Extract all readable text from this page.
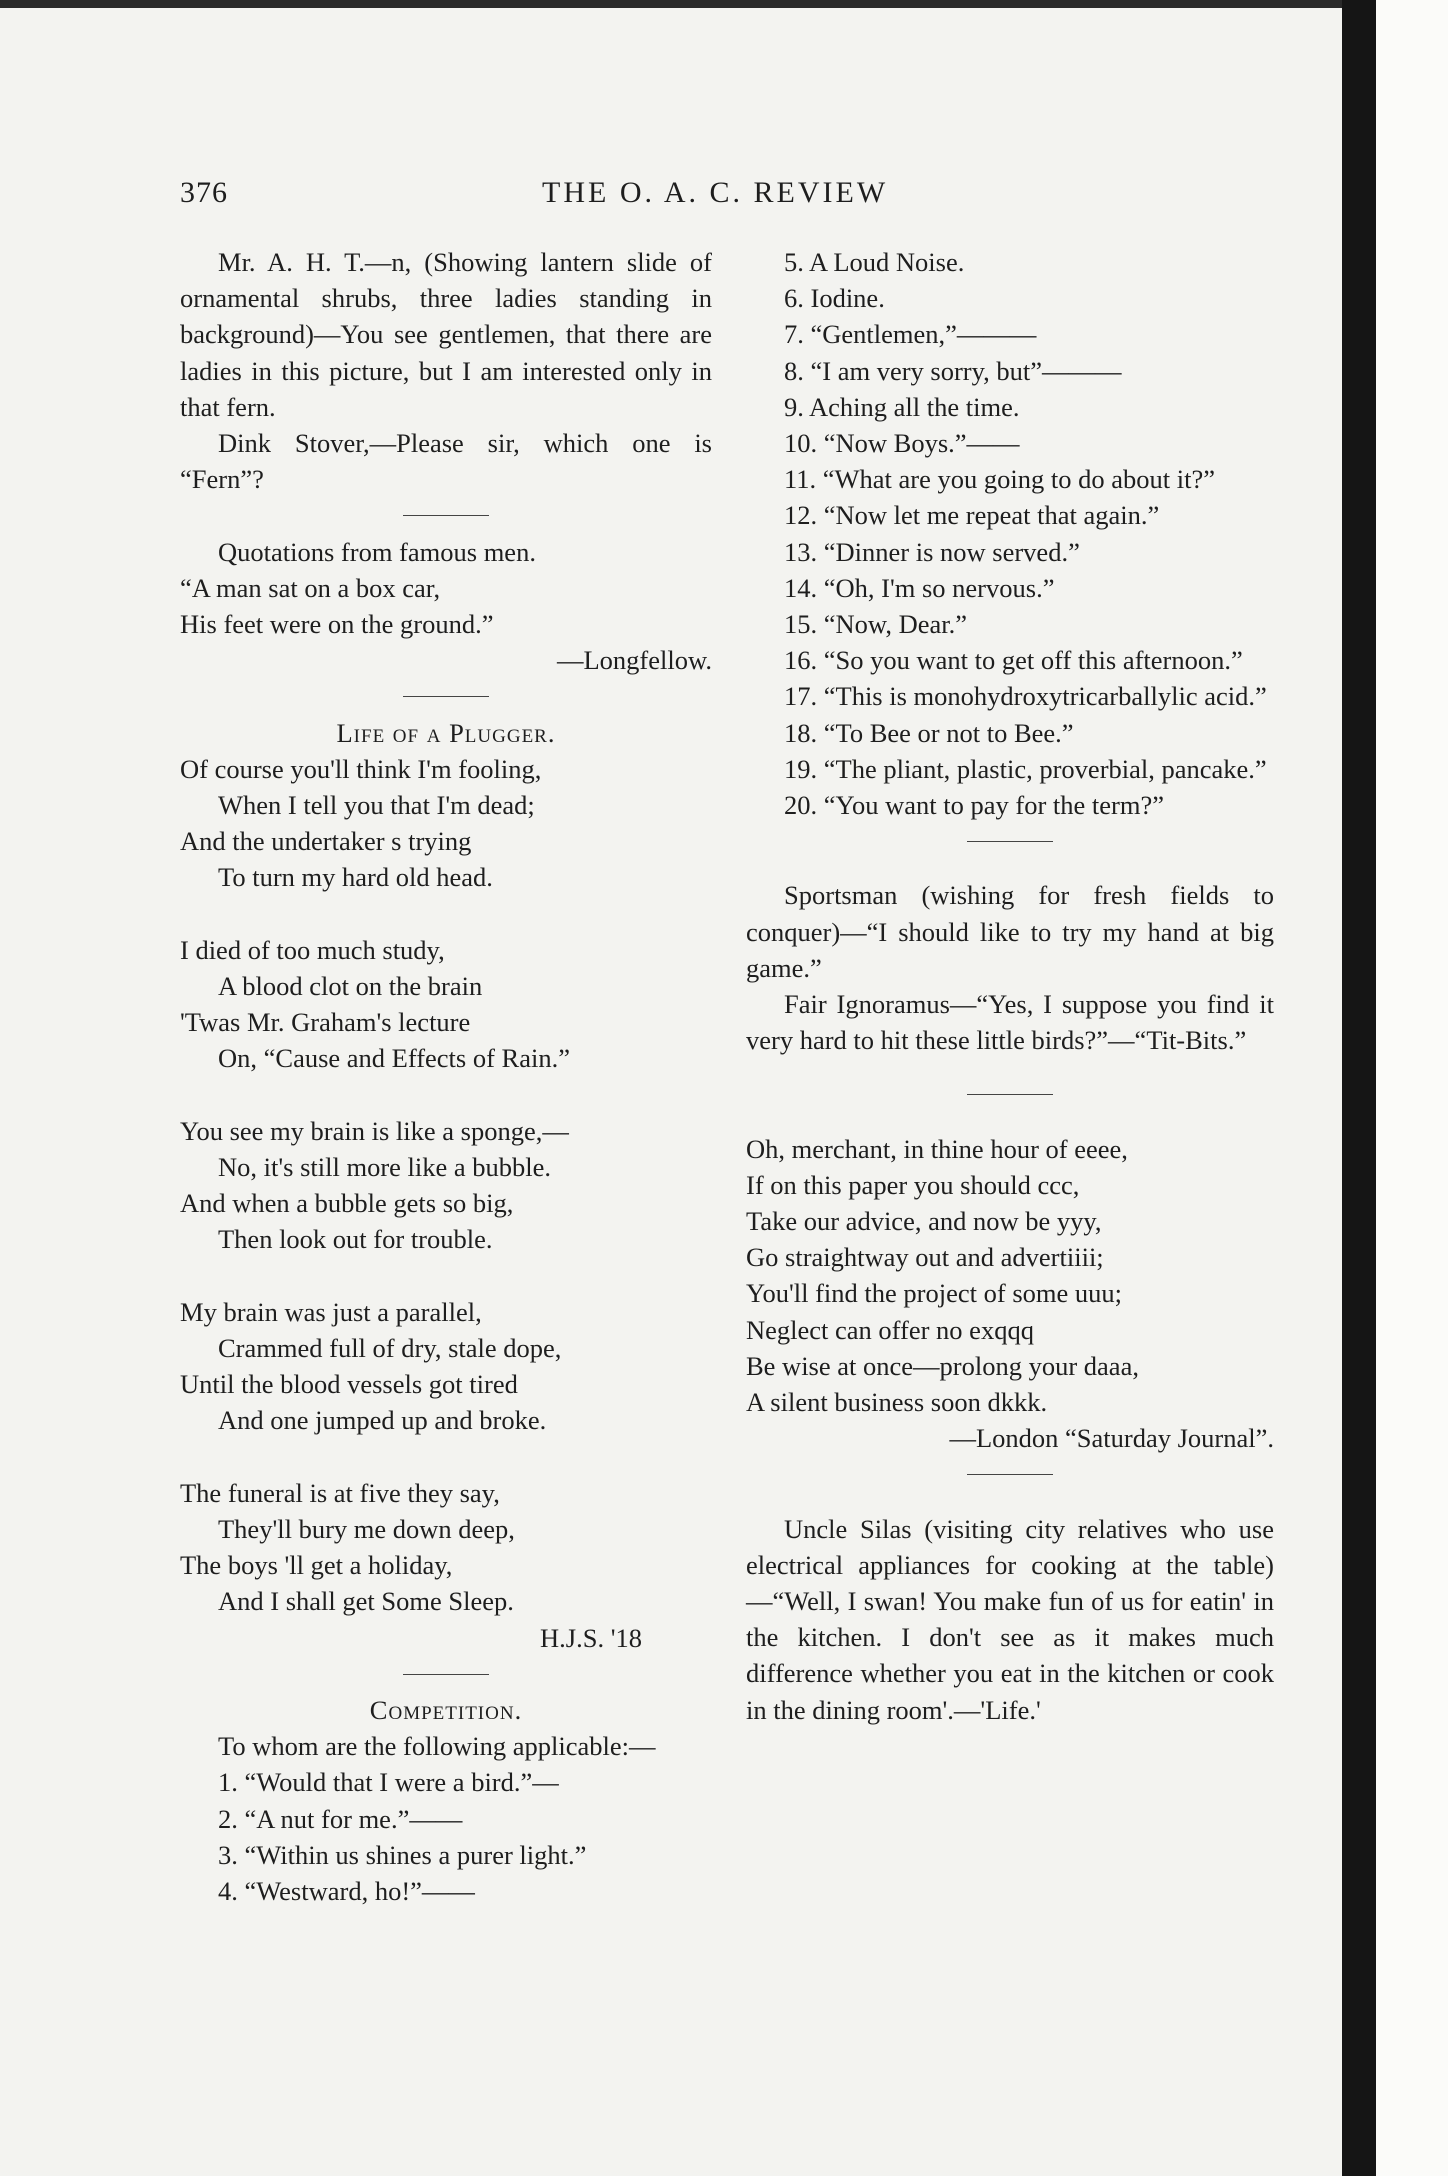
376	THE O. A. C. REVIEW

Mr. A. H. T.—n, (Showing lantern slide of ornamental shrubs, three ladies standing in background)—You see gentlemen, that there are ladies in this picture, but I am interested only in that fern.

Dink Stover,—Please sir, which one is “Fern”?

Quotations from famous men.

“A man sat on a box car,

His feet were on the ground.”

—Longfellow.

Life of a Plugger.

Of course you'll think I'm fooling,

When I tell you that I'm dead;

And the undertaker s trying

To turn my hard old head.

I died of too much study,

A blood clot on the brain

'Twas Mr. Graham's lecture

On, “Cause and Effects of Rain.”

You see my brain is like a sponge,—

No, it's still more like a bubble.

And when a bubble gets so big,

Then look out for trouble.

My brain was just a parallel,

Crammed full of dry, stale dope,

Until the blood vessels got tired

And one jumped up and broke.

The funeral is at five they say,

They'll bury me down deep,

The boys 'll get a holiday,

And I shall get Some Sleep.

H.J.S. '18

Competition.

To whom are the following applicable:—

1. “Would that I were a bird.”—

2. “A nut for me.”——

3. “Within us shines a purer light.”

4. “Westward, ho!”——

5. A Loud Noise.

6. Iodine.

7. “Gentlemen,”———

8. “I am very sorry, but”———

9. Aching all the time.

10. “Now Boys.”——

11. “What are you going to do about it?”

12. “Now let me repeat that again.”

13. “Dinner is now served.”

14. “Oh, I'm so nervous.”

15. “Now, Dear.”

16. “So you want to get off this afternoon.”

17. “This is monohydroxytricarballylic acid.”

18. “To Bee or not to Bee.”

19. “The pliant, plastic, proverbial, pancake.”

20. “You want to pay for the term?”

Sportsman (wishing for fresh fields to conquer)—“I should like to try my hand at big game.”

Fair Ignoramus—“Yes, I suppose you find it very hard to hit these little birds?”—“Tit-Bits.”

Oh, merchant, in thine hour of eeee,

If on this paper you should ccc,

Take our advice, and now be yyy,

Go straightway out and advertiiii;

You'll find the project of some uuu;

Neglect can offer no exqqq

Be wise at once—prolong your daaa,

A silent business soon dkkk.

—London “Saturday Journal”.

Uncle Silas (visiting city relatives who use electrical appliances for cooking at the table)—“Well, I swan! You make fun of us for eatin' in the kitchen. I don't see as it makes much difference whether you eat in the kitchen or cook in the dining room'.—'Life.'
